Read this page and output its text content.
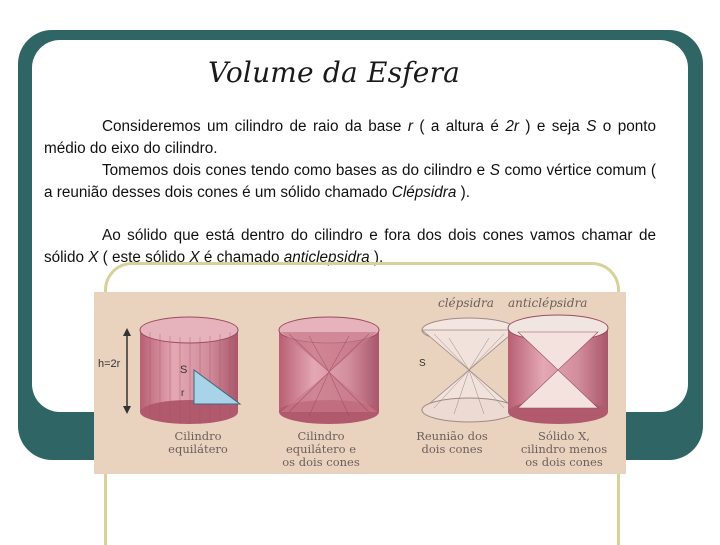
Volume da Esfera
Consideremos um cilindro de raio da base r ( a altura é 2r ) e seja S o ponto médio do eixo do cilindro.
Tomemos dois cones tendo como bases as do cilindro e S como vértice comum ( a reunião desses dois cones é um sólido chamado Clépsidra ).
Ao sólido que está dentro do cilindro e fora dos dois cones vamos chamar de sólido X ( este sólido X é chamado anticlepsidra ).
h=2r	S
r
S
clépsidra anticlépsidra
Cilindro equilátero
Cilindro equilátero e os dois cones
Reunião dos dois cones
Sólido X, cilindro menos os dois cones
